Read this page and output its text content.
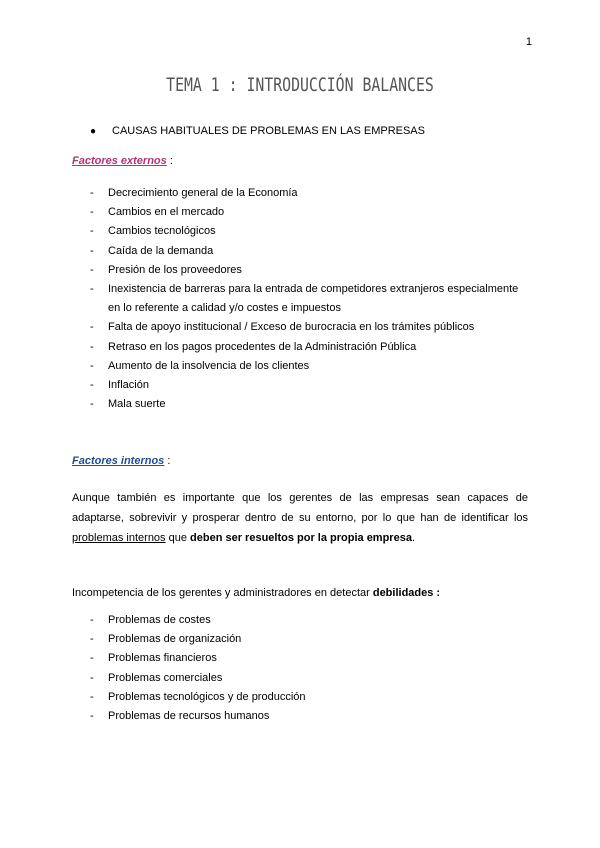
1
TEMA 1 : INTRODUCCIÓN BALANCES
● CAUSAS HABITUALES DE PROBLEMAS EN LAS EMPRESAS
Factores externos :
- Decrecimiento general de la Economía
- Cambios en el mercado
- Cambios tecnológicos
- Caída de la demanda
- Presión de los proveedores
- Inexistencia de barreras para la entrada de competidores extranjeros especialmente en lo referente a calidad y/o costes e impuestos
- Falta de apoyo institucional / Exceso de burocracia en los trámites públicos
- Retraso en los pagos procedentes de la Administración Pública
- Aumento de la insolvencia de los clientes
- Inflación
- Mala suerte
Factores internos :
Aunque también es importante que los gerentes de las empresas sean capaces de adaptarse, sobrevivir y prosperar dentro de su entorno, por lo que han de identificar los problemas internos que deben ser resueltos por la propia empresa.
Incompetencia de los gerentes y administradores en detectar debilidades :
- Problemas de costes
- Problemas de organización
- Problemas financieros
- Problemas comerciales
- Problemas tecnológicos y de producción
- Problemas de recursos humanos
